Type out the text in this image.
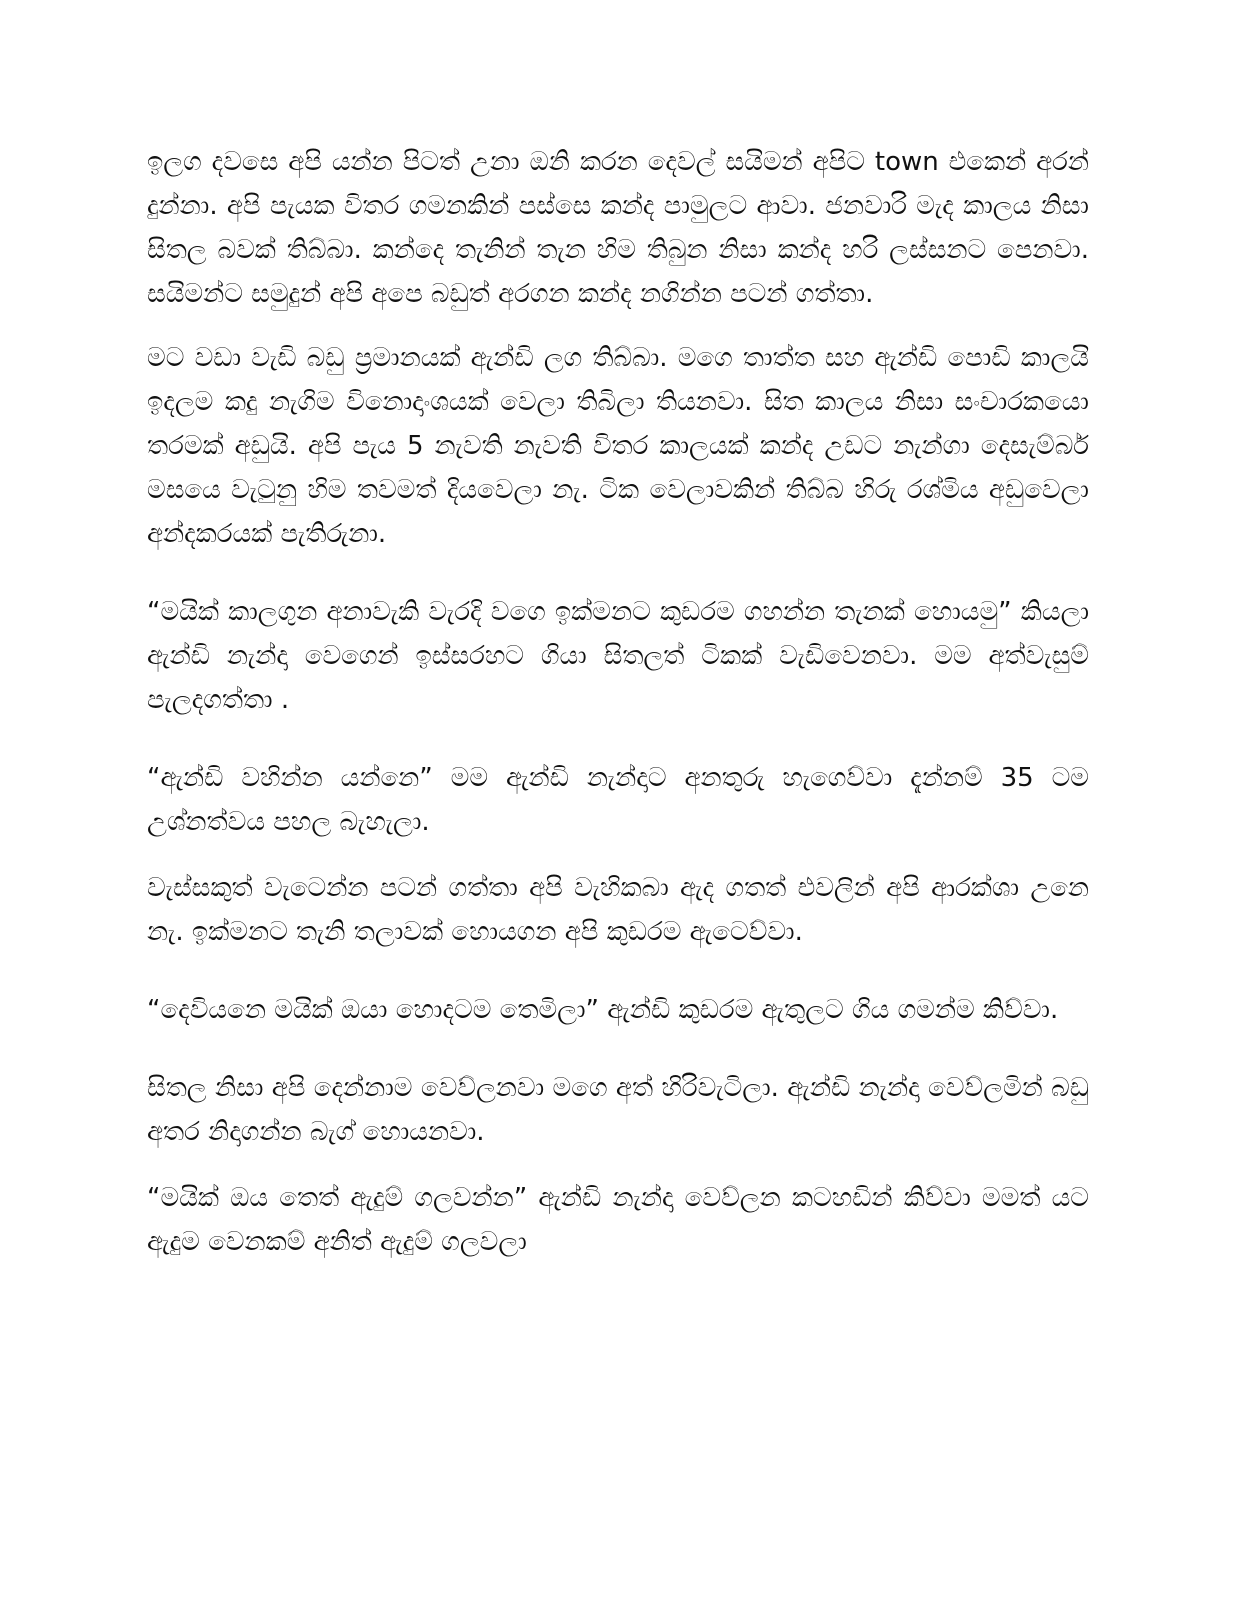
ඉලග දවසෙ අපි යන්න පිටත් උනා ඔනි කරන දෙවල් සයිමන් අපිට town එකෙන් අරන් දුන්නා. අපි පැයක විතර ගමනකින් පස්සෙ කන්ද පාමුලට ආවා. ජනවාරි මැද කාලය නිසා සිතල බවක් තිබ්බා. කන්දෙ තැනින් තැන හිම තිබුන නිසා කන්ද හරි ලස්සනට පෙනවා. සයිමන්ට සමුදුන් අපි අපෙ බඩුත් අරගන කන්ද නගින්න පටන් ගත්තා.

මට වඩා වැඩි බඩු ප්‍රමානයක් ඇන්ඩි ලග තිබ්බා. මගෙ තාත්ත සහ ඇන්ඩි පොඩි කාලයි ඉදලම කදු නැගිම විනොදාංශයක් වෙලා තිබිලා තියනවා. සිත කාලය නිසා සංචාරකයො තරමක් අඩුයි. අපි පැය 5 නැවති නැවති විතර කාලයක් කන්ද උඩට නැන්ගා දෙසැම්බර් මසයෙ වැටුනු හිම තවමත් දියවෙලා නැ. ටික වෙලාවකින් තිබ්බ හිරු රශ්මිය අඩුවෙලා අන්දකරයක් පැතිරුනා.

“මයික් කාලගුන අනාවැකි වැරදි වගෙ ඉක්මනට කුඩරම ගහන්න තැනක් හොයමු” කියලා ඇන්ඩි නැන්දා වෙගෙන් ඉස්සරහට ගියා සිතලත් ටිකක් වැඩිවෙනවා. මම අත්වැසුම් පැලදගත්තා .

“ඇන්ඩි වහින්න යන්නෙ” මම ඇන්ඩි නැන්දාට අනතුරු හැගෙව්වා දැන්නම් 35 ටම උශ්නත්වය පහල බැහැලා.

වැස්සකුත් වැටෙන්න පටන් ගත්තා අපි වැහිකබා ඇද ගතත් එවලින් අපි ආරක්ශා උනෙ නැ. ඉක්මනට තැනි තලාවක් හොයගන අපි කුඩරම ඇටෙව්වා.

“දෙවියනෙ මයික් ඔයා හොදටම තෙමිලා” ඇන්ඩි කුඩරම ඇතුලට ගිය ගමන්ම කිව්වා.

සිතල නිසා අපි දෙන්නාම වෙව්ලනවා මගෙ අත් හිරිවැටිලා. ඇන්ඩි නැන්දා වෙව්ලමින් බඩු අතර නිදාගන්න බැග් හොයනවා.

“මයික් ඔය තෙත් ඇදුම් ගලවන්න” ඇන්ඩි නැන්දා වෙව්ලන කටහඩින් කිව්වා මමත් යට ඇදුම වෙනකම් අනිත් ඇදුම් ගලවලා
